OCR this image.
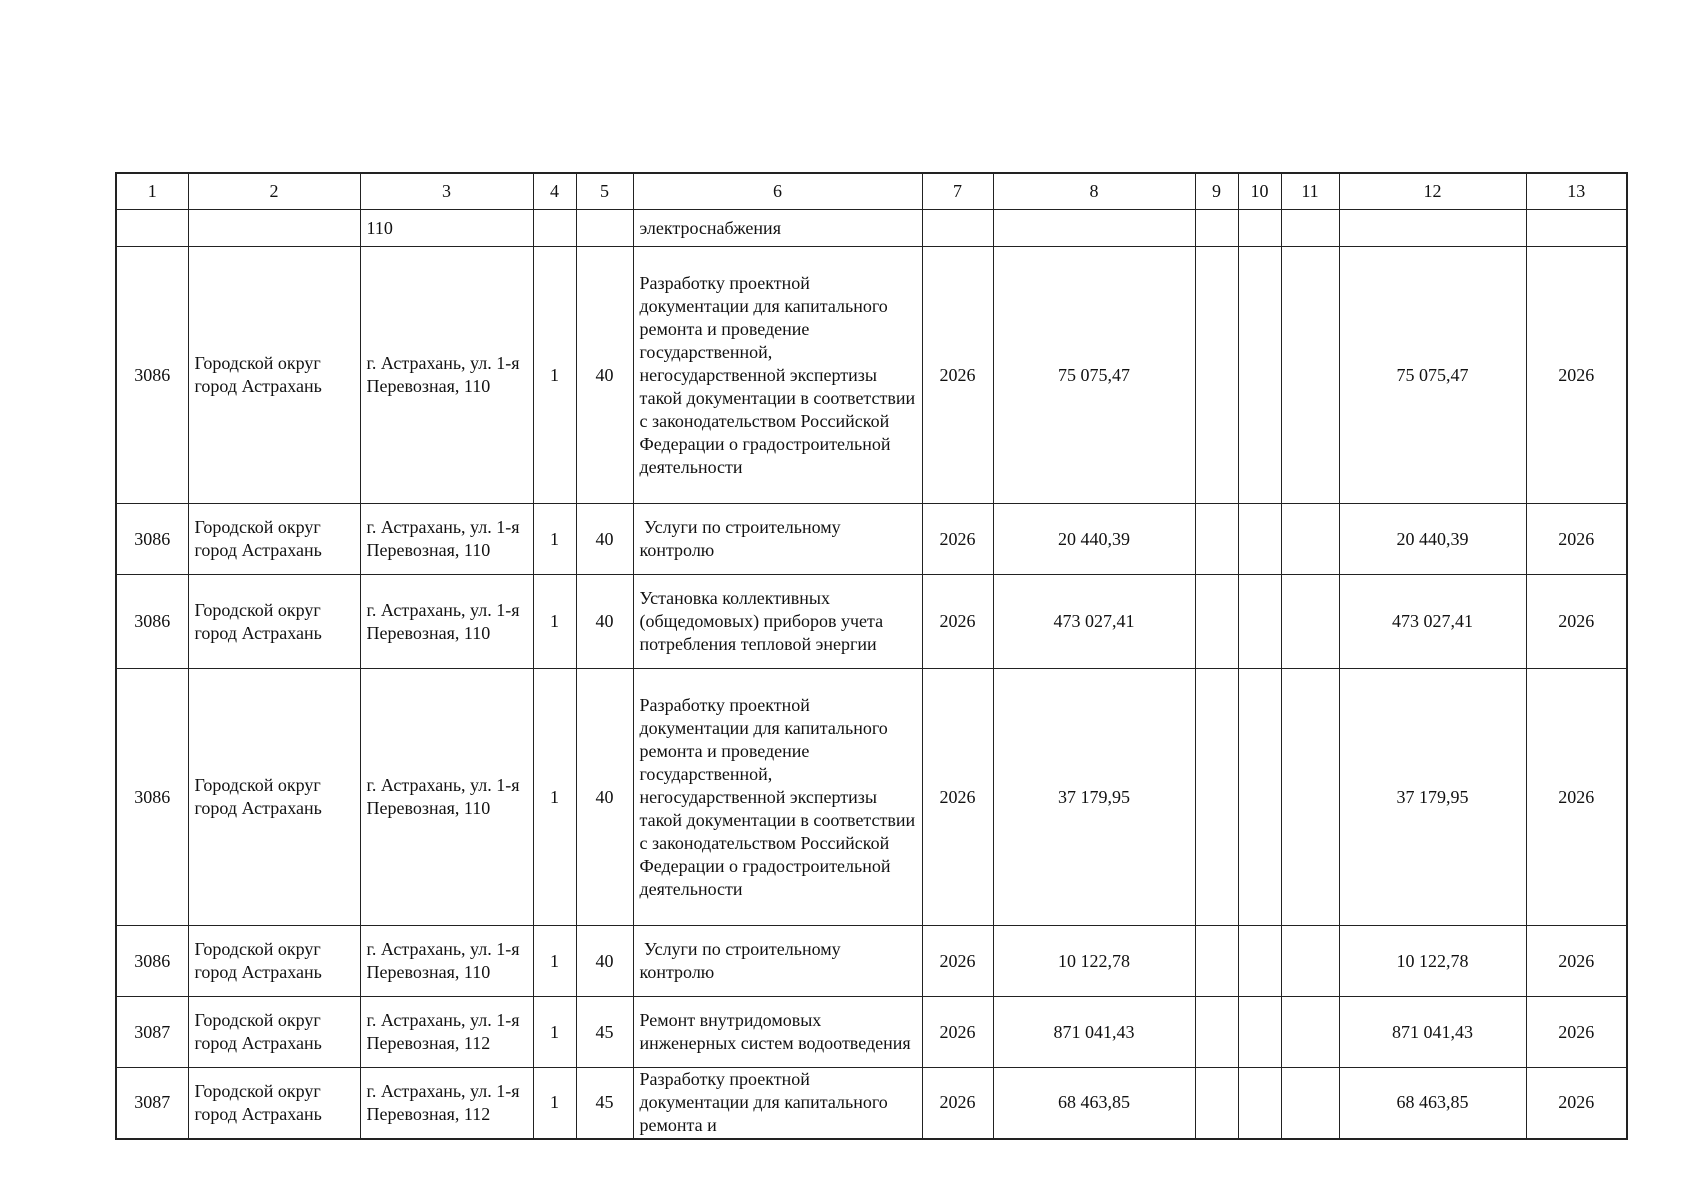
1	2	3	4	5	6	7	8	9	10	11	12	13
		110			электроснабжения							
3086	Городской округ город Астрахань	г. Астрахань, ул. 1-я Перевозная, 110	1	40	Разработку проектной документации для капитального ремонта и проведение государственной, негосударственной экспертизы такой документации в соответствии с законодательством Российской Федерации о градостроительной деятельности	2026	75 075,47				75 075,47	2026
3086	Городской округ город Астрахань	г. Астрахань, ул. 1-я Перевозная, 110	1	40	Услуги по строительному контролю	2026	20 440,39				20 440,39	2026
3086	Городской округ город Астрахань	г. Астрахань, ул. 1-я Перевозная, 110	1	40	Установка коллективных (общедомовых) приборов учета потребления тепловой энергии	2026	473 027,41				473 027,41	2026
3086	Городской округ город Астрахань	г. Астрахань, ул. 1-я Перевозная, 110	1	40	Разработку проектной документации для капитального ремонта и проведение государственной, негосударственной экспертизы такой документации в соответствии с законодательством Российской Федерации о градостроительной деятельности	2026	37 179,95				37 179,95	2026
3086	Городской округ город Астрахань	г. Астрахань, ул. 1-я Перевозная, 110	1	40	Услуги по строительному контролю	2026	10 122,78				10 122,78	2026
3087	Городской округ город Астрахань	г. Астрахань, ул. 1-я Перевозная, 112	1	45	Ремонт внутридомовых инженерных систем водоотведения	2026	871 041,43				871 041,43	2026
3087	Городской округ город Астрахань	г. Астрахань, ул. 1-я Перевозная, 112	1	45	Разработку проектной документации для капитального ремонта и	2026	68 463,85				68 463,85	2026
